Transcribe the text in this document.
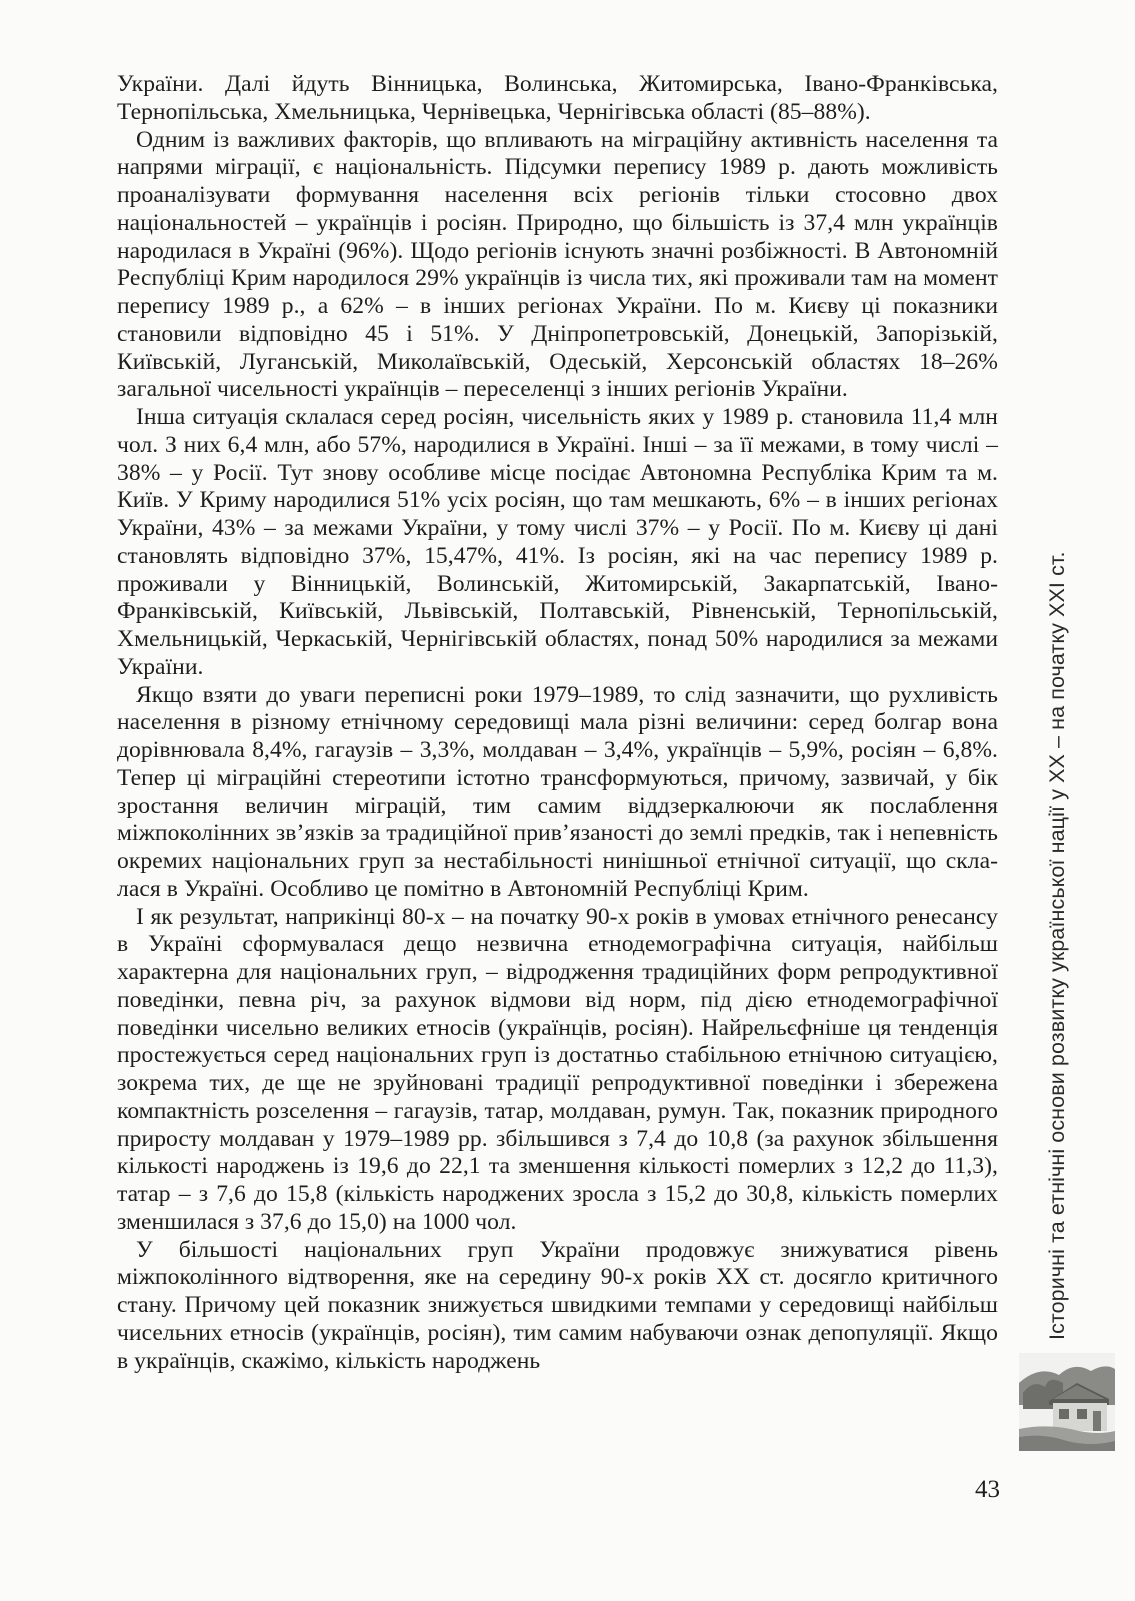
України. Далі йдуть Вінницька, Волинська, Житомирська, Івано-Франківська, Тернопільська, Хмельницька, Чернівецька, Чернігівська області (85–88%).

Одним із важливих факторів, що впливають на міграційну активність населення та напрями міграції, є національність. Підсумки перепису 1989 р. дають можливість проаналізувати формування населення всіх регіонів тільки стосовно двох національностей – українців і росіян. Природно, що більшість із 37,4 млн українців народилася в Україні (96%). Щодо регіонів існують значні розбіжності. В Автономній Республіці Крим народилося 29% українців із числа тих, які проживали там на момент перепису 1989 р., а 62% – в інших регіонах України. По м. Києву ці показники становили відповідно 45 і 51%. У Дніпропетровській, Донецькій, Запорізькій, Київській, Луганській, Миколаївській, Одеській, Херсонській областях 18–26% загальної чисельності українців – переселенці з інших регіонів України.

Інша ситуація склалася серед росіян, чисельність яких у 1989 р. становила 11,4 млн чол. З них 6,4 млн, або 57%, народилися в Україні. Інші – за її межами, в тому числі – 38% – у Росії. Тут знову особливе місце посідає Автономна Республіка Крим та м. Київ. У Криму народилися 51% усіх росіян, що там мешкають, 6% – в інших регіонах України, 43% – за межами України, у тому числі 37% – у Росії. По м. Києву ці дані становлять відповідно 37%, 15,47%, 41%. Із росіян, які на час перепису 1989 р. проживали у Вінницькій, Волинській, Житомирській, Закарпатській, Івано-Франківській, Київській, Львівській, Полтавській, Рівненській, Тернопільській, Хмельницькій, Черкаській, Чернігівській областях, понад 50% народилися за межами України.

Якщо взяти до уваги переписні роки 1979–1989, то слід зазначити, що рухливість населення в різному етнічному середовищі мала різні величини: серед болгар вона дорівнювала 8,4%, гагаузів – 3,3%, молдаван – 3,4%, українців – 5,9%, росіян – 6,8%. Тепер ці міграційні стереотипи істотно трансформуються, причому, зазвичай, у бік зростання величин міграцій, тим самим віддзеркалюючи як послаблення міжпоколінних зв’язків за традиційної прив’язаності до землі предків, так і непевність окремих національних груп за нестабільності нинішньої етнічної ситуації, що склалася в Україні. Особливо це помітно в Автономній Республіці Крим.

І як результат, наприкінці 80-х – на початку 90-х років в умовах етнічного ренесансу в Україні сформувалася дещо незвична етнодемографічна ситуація, найбільш характерна для національних груп, – відродження традиційних форм репродуктивної поведінки, певна річ, за рахунок відмови від норм, під дією етнодемографічної поведінки чисельно великих етносів (українців, росіян). Найрельєфніше ця тенденція простежується серед національних груп із достатньо стабільною етнічною ситуацією, зокрема тих, де ще не зруйновані традиції репродуктивної поведінки і збережена компактність розселення – гагаузів, татар, молдаван, румун. Так, показник природного приросту молдаван у 1979–1989 рр. збільшився з 7,4 до 10,8 (за рахунок збільшення кількості народжень із 19,6 до 22,1 та зменшення кількості померлих з 12,2 до 11,3), татар – з 7,6 до 15,8 (кількість народжених зросла з 15,2 до 30,8, кількість померлих зменшилася з 37,6 до 15,0) на 1000 чол.

У більшості національних груп України продовжує знижуватися рівень міжпоколінного відтворення, яке на середину 90-х років ХХ ст. досягло критичного стану. Причому цей показник знижується швидкими темпами у середовищі найбільш чисельних етносів (українців, росіян), тим самим набуваючи ознак депопуляції. Якщо в українців, скажімо, кількість народжень

Історичні та етнічні основи розвитку української нації у ХХ – на початку ХХІ ст.
43
